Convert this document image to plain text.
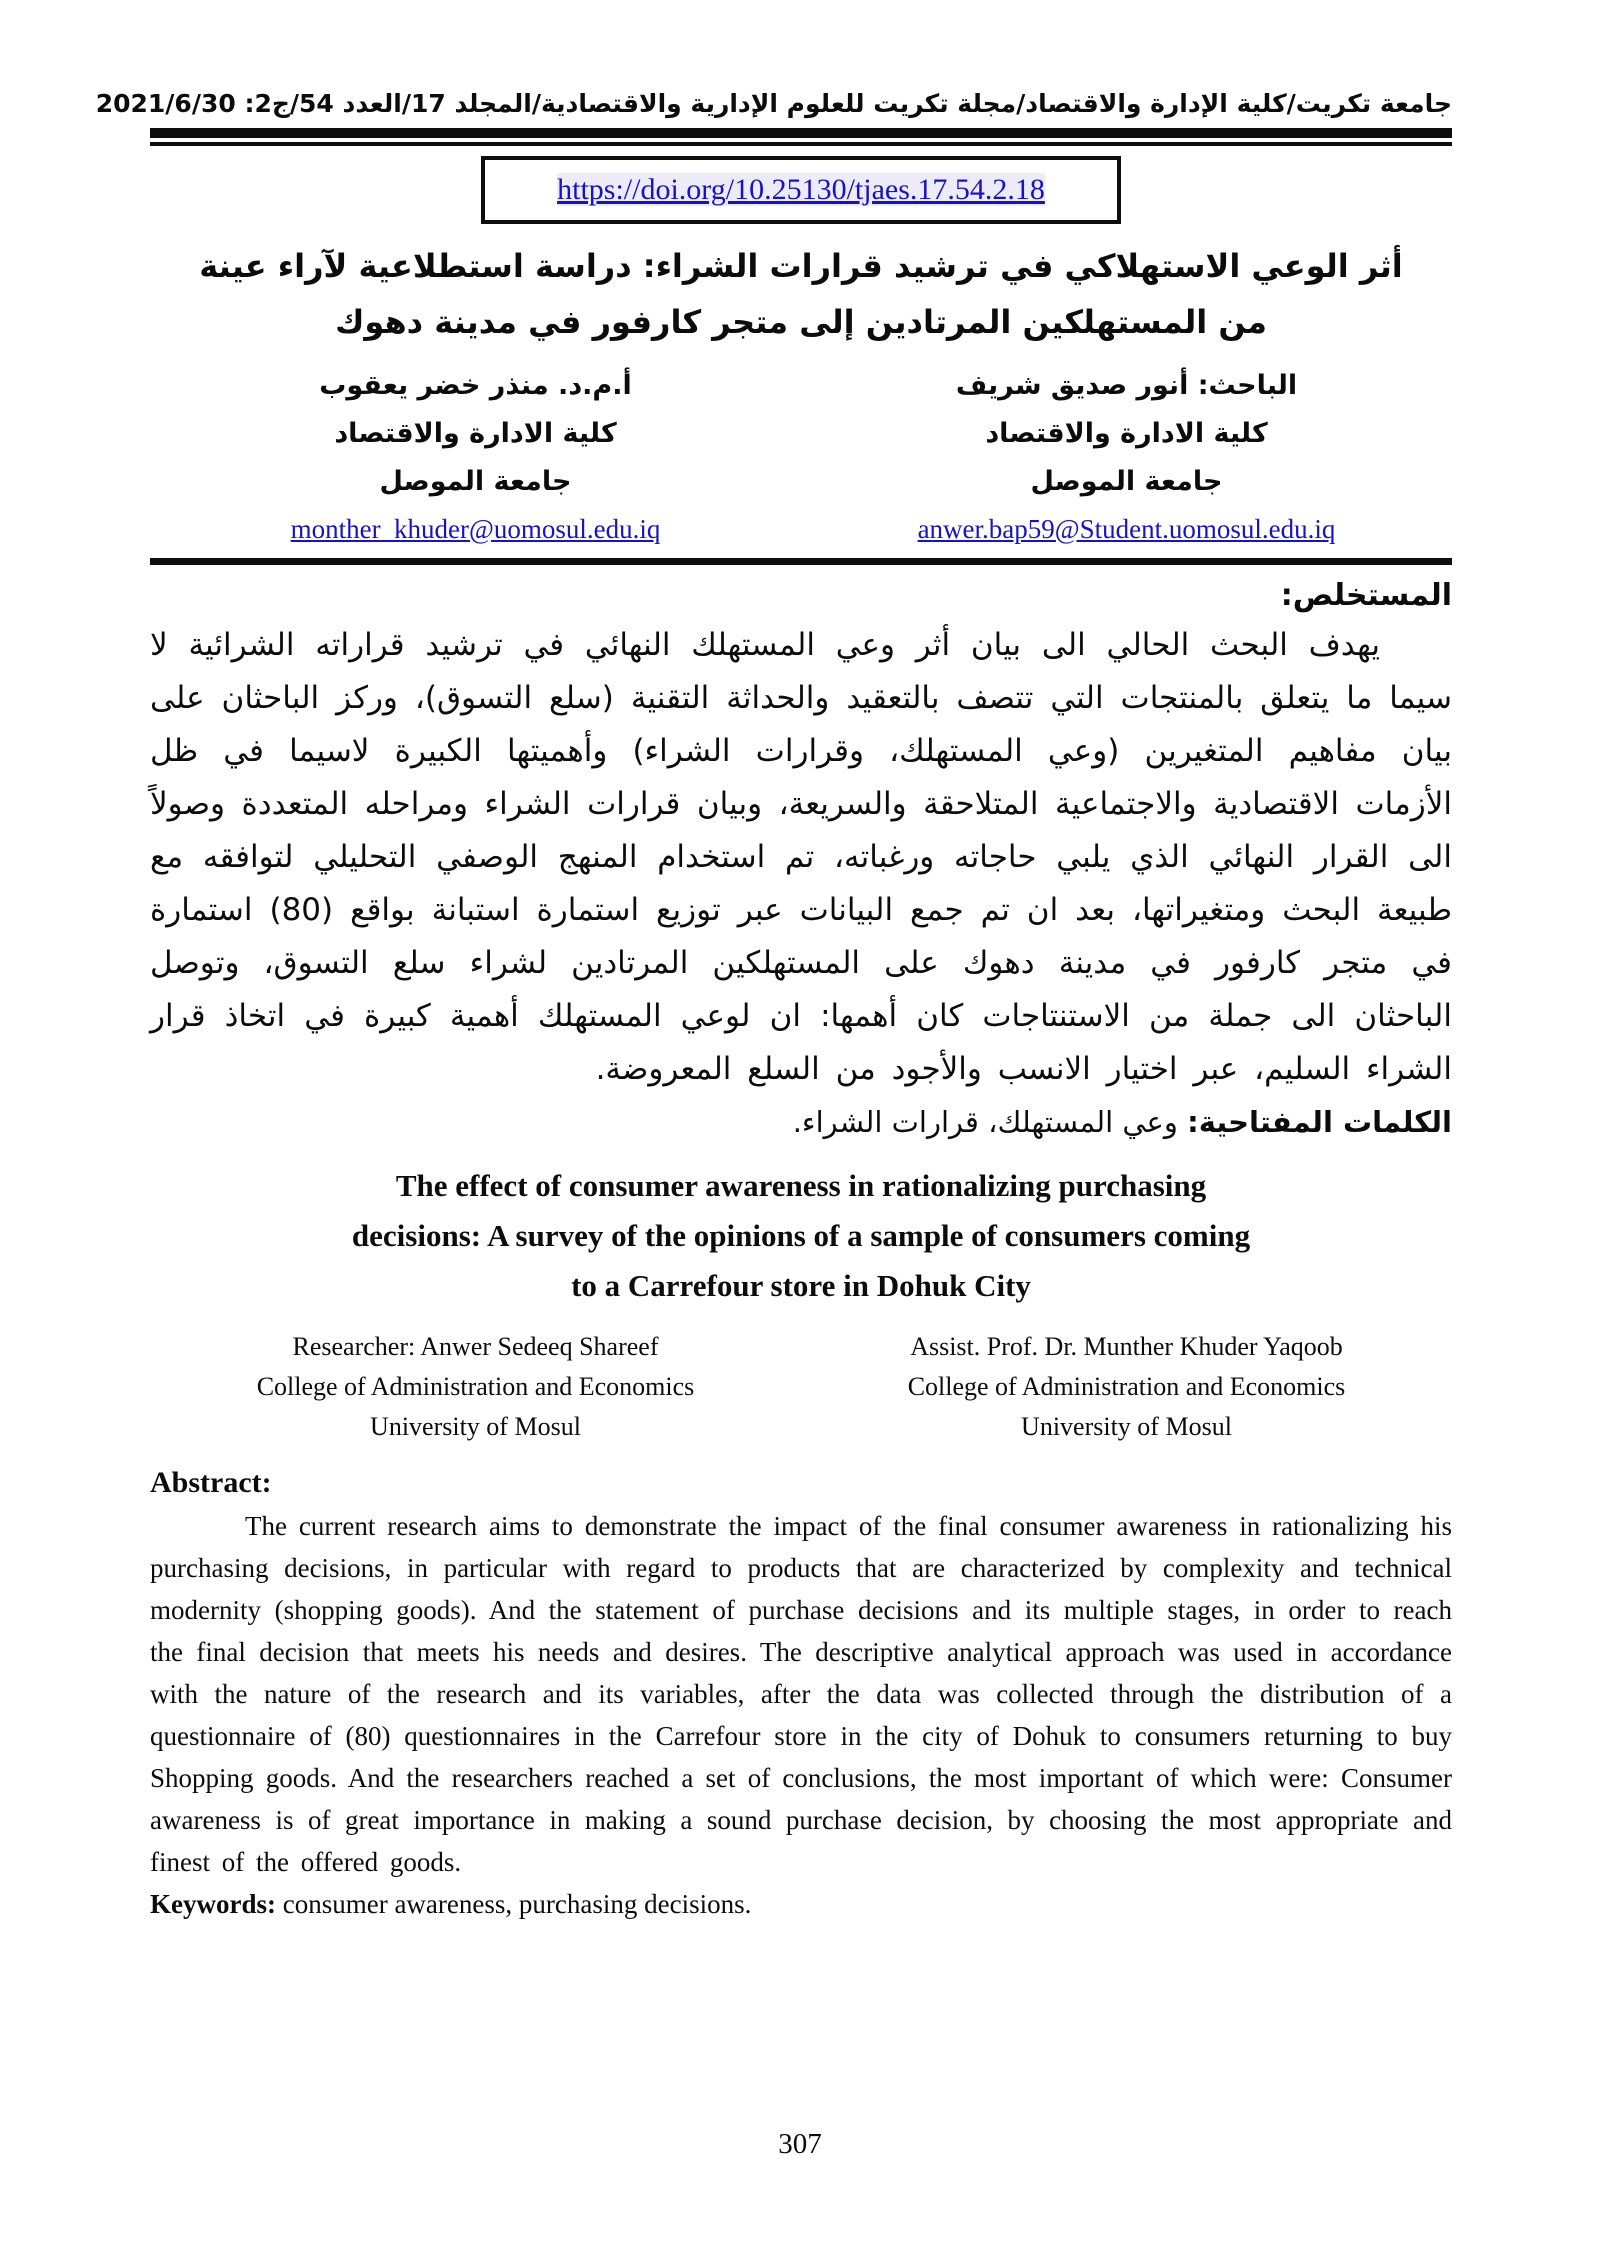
جامعة تكريت/كلية الإدارة والاقتصاد/مجلة تكريت للعلوم الإدارية والاقتصادية/المجلد 17/العدد 54/ج2: 2021/6/30
https://doi.org/10.25130/tjaes.17.54.2.18
أثر الوعي الاستهلاكي في ترشيد قرارات الشراء: دراسة استطلاعية لآراء عينة
من المستهلكين المرتادين إلى متجر كارفور في مدينة دهوك
الباحث: أنور صديق شريف
كلية الادارة والاقتصاد
جامعة الموصل
anwer.bap59@Student.uomosul.edu.iq
أ.م.د. منذر خضر يعقوب
كلية الادارة والاقتصاد
جامعة الموصل
monther_khuder@uomosul.edu.iq
المستخلص:
يهدف البحث الحالي الى بيان أثر وعي المستهلك النهائي في ترشيد قراراته الشرائية لا سيما ما يتعلق بالمنتجات التي تتصف بالتعقيد والحداثة التقنية (سلع التسوق)، وركز الباحثان على بيان مفاهيم المتغيرين (وعي المستهلك، وقرارات الشراء) وأهميتها الكبيرة لاسيما في ظل الأزمات الاقتصادية والاجتماعية المتلاحقة والسريعة، وبيان قرارات الشراء ومراحله المتعددة وصولاً الى القرار النهائي الذي يلبي حاجاته ورغباته، تم استخدام المنهج الوصفي التحليلي لتوافقه مع طبيعة البحث ومتغيراتها، بعد ان تم جمع البيانات عبر توزيع استمارة استبانة بواقع (80) استمارة في متجر كارفور في مدينة دهوك على المستهلكين المرتادين لشراء سلع التسوق، وتوصل الباحثان الى جملة من الاستنتاجات كان أهمها: ان لوعي المستهلك أهمية كبيرة في اتخاذ قرار الشراء السليم، عبر اختيار الانسب والأجود من السلع المعروضة.
الكلمات المفتاحية: وعي المستهلك، قرارات الشراء.
The effect of consumer awareness in rationalizing purchasing
decisions: A survey of the opinions of a sample of consumers coming
to a Carrefour store in Dohuk City
Researcher: Anwer Sedeeq Shareef
College of Administration and Economics
University of Mosul
Assist. Prof. Dr. Munther Khuder Yaqoob
College of Administration and Economics
University of Mosul
Abstract:
The current research aims to demonstrate the impact of the final consumer awareness in rationalizing his purchasing decisions, in particular with regard to products that are characterized by complexity and technical modernity (shopping goods). And the statement of purchase decisions and its multiple stages, in order to reach the final decision that meets his needs and desires. The descriptive analytical approach was used in accordance with the nature of the research and its variables, after the data was collected through the distribution of a questionnaire of (80) questionnaires in the Carrefour store in the city of Dohuk to consumers returning to buy Shopping goods. And the researchers reached a set of conclusions, the most important of which were: Consumer awareness is of great importance in making a sound purchase decision, by choosing the most appropriate and finest of the offered goods.
Keywords: consumer awareness, purchasing decisions.
307
